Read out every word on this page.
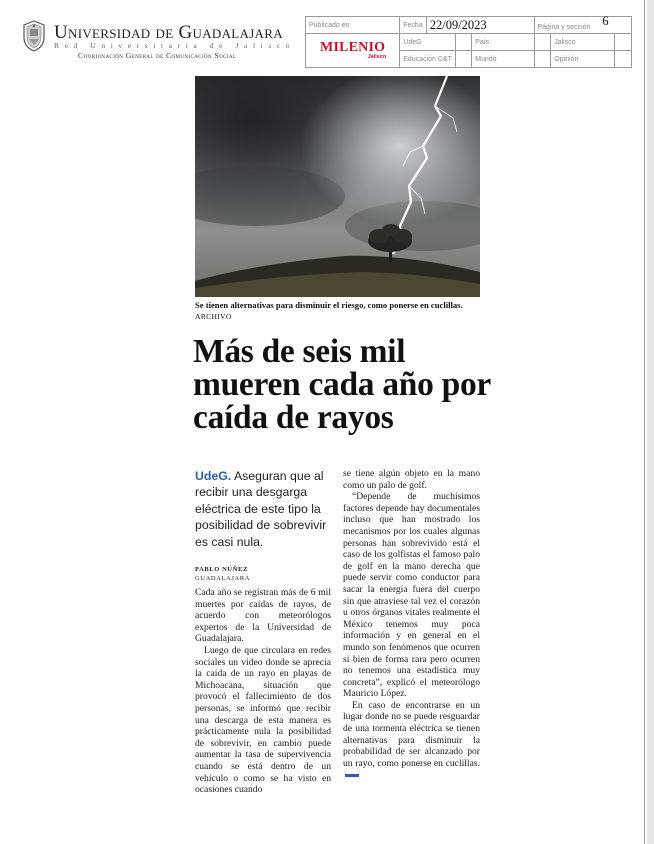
Universidad de Guadalajara
Red Universitaria de Jalisco
Coordinación General de Comunicación Social
Publicado en	Fecha	22/09/2023			Página y sección 6		

MILENIO
Jalisco	UdeG			País		Jalisco	
	Educación C&T			Mundo		Opinión	
Se tienen alternativas para disminuir el riesgo, como ponerse en cuclillas. ARCHIVO
Más de seis mil mueren cada año por caída de rayos
UdeG. Aseguran que al recibir una desgarga eléctrica de este tipo la posibilidad de sobrevivir es casi nula.
PABLO NÚÑEZ
GUADALAJARA

Cada año se registran más de 6 mil muertes por caídas de rayos, de acuerdo con meteorólogos expertos de la Universidad de Guadalajara.

Luego de que circulara en redes sociales un video donde se aprecia la caída de un rayo en playas de Michoacana, situación que provocó el fallecimiento de dos personas, se informó que recibir una descarga de esta manera es prácticamente nula la posibilidad de sobrevivir, en cambio puede aumentar la tasa de supervivencia cuando se está dentro de un vehículo o como se ha visto en ocasiones cuando

se tiene algún objeto en la mano como un palo de golf.

“Depende de muchísimos factores depende hay documentales incluso que han mostrado los mecanismos por los cuales algunas personas han sobrevivido está el caso de los golfistas el famoso palo de golf en la mano derecha que puede servir como conductor para sacar la energía fuera del cuerpo sin que atraviese tal vez el corazón u otros órganos vitales realmente el México tenemos muy poca información y en general en el mundo son fenómenos que ocurren si bien de forma rara pero ocurren no tenemos una estadística muy concreta”, explicó el meteorólogo Mauricio López.

En caso de encontrarse en un lugar donde no se puede resguardar de una tormenta eléctrica se tienen alternativas para disminuir la probabilidad de ser alcanzado por un rayo, como ponerse en cuclillas.
